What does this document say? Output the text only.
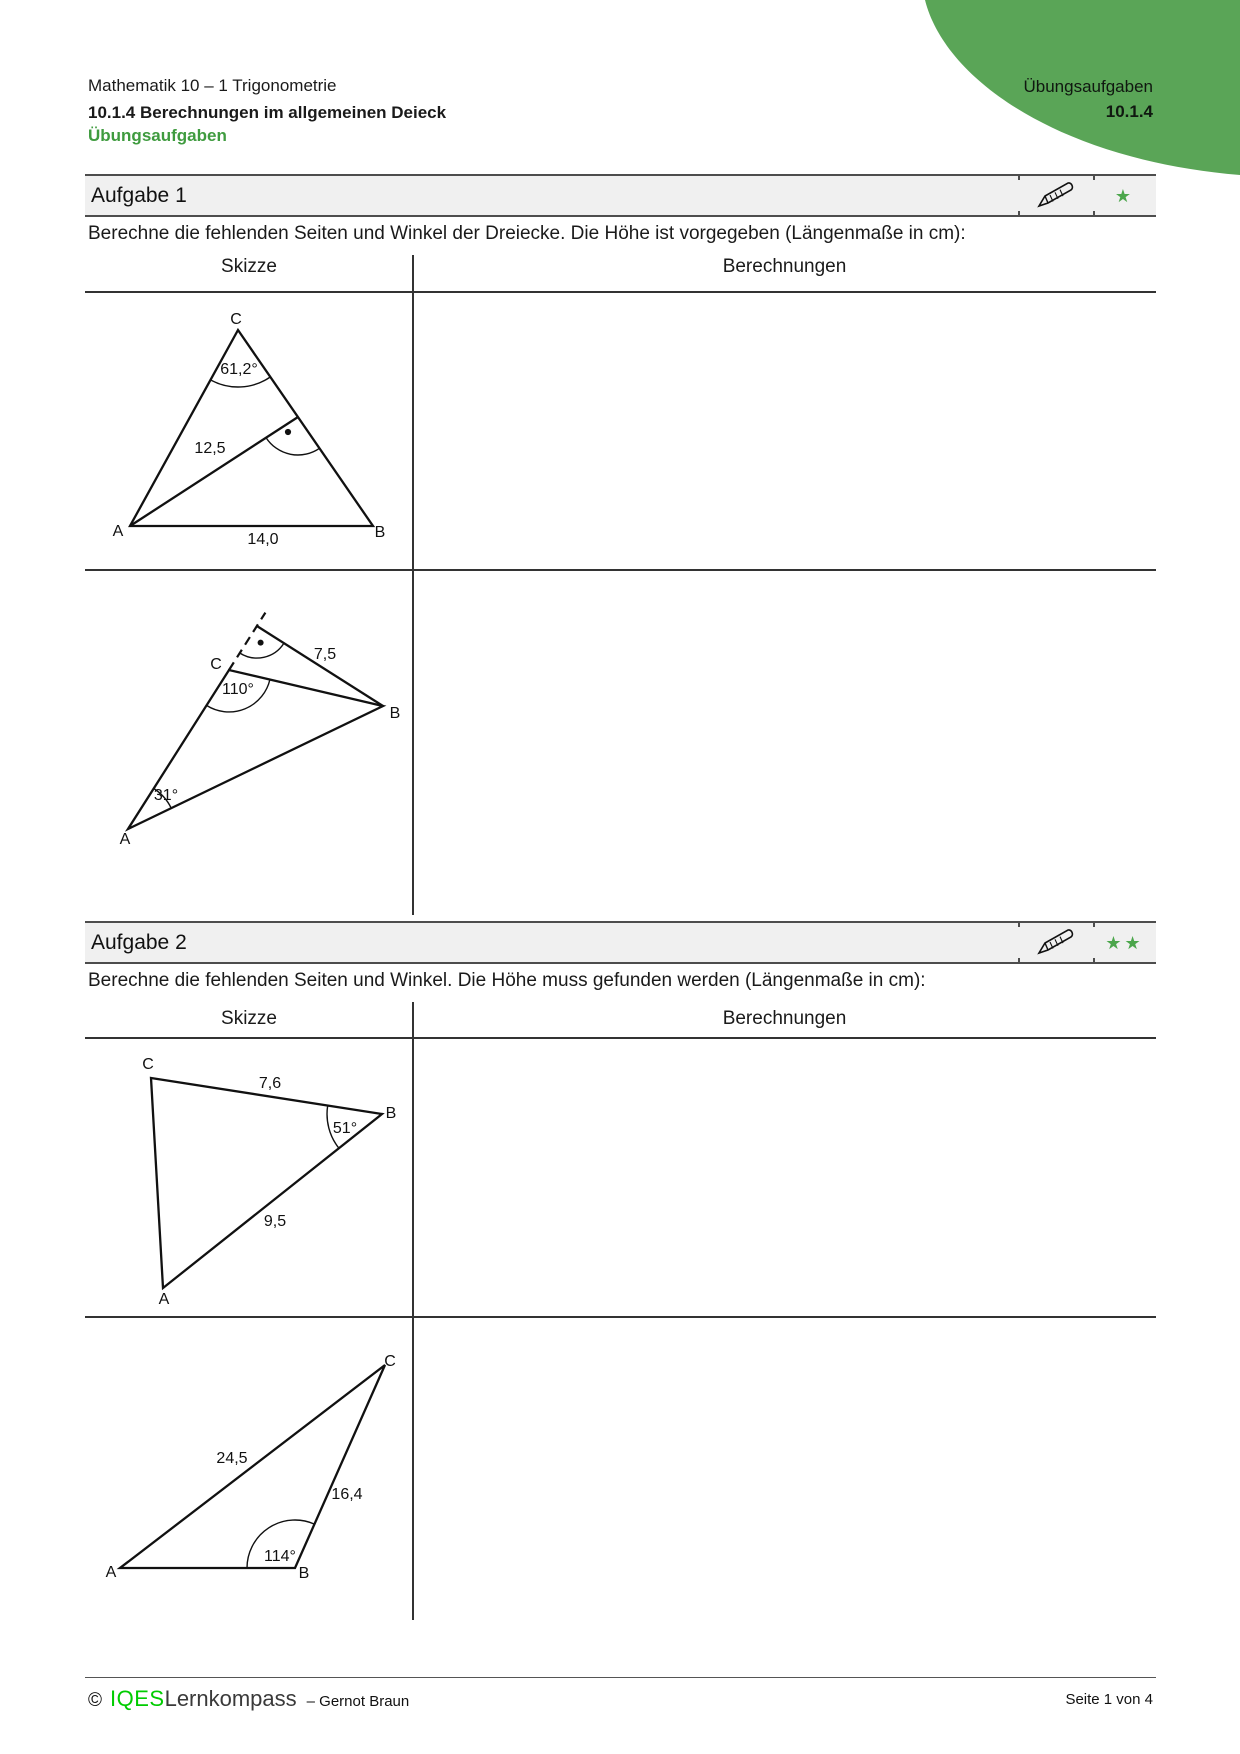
Übungsaufgaben
10.1.4
Mathematik 10 – 1 Trigonometrie
10.1.4 Berechnungen im allgemeinen Deieck
Übungsaufgaben
Aufgabe 1	★
Berechne die fehlenden Seiten und Winkel der Dreiecke. Die Höhe ist vorgegeben (Längenmaße in cm):
Skizze	Berechnungen
C
A	B
61,2°
12,5
14,0
C
B
A
7,5
110°
31°
Aufgabe 2	★★
Berechne die fehlenden Seiten und Winkel. Die Höhe muss gefunden werden (Längenmaße in cm):
Skizze	Berechnungen
C
B
A
7,6
9,5
51°
A	B
C
24,5
16,4
114°
© IQES Lernkompass – Gernot Braun	Seite 1 von 4
